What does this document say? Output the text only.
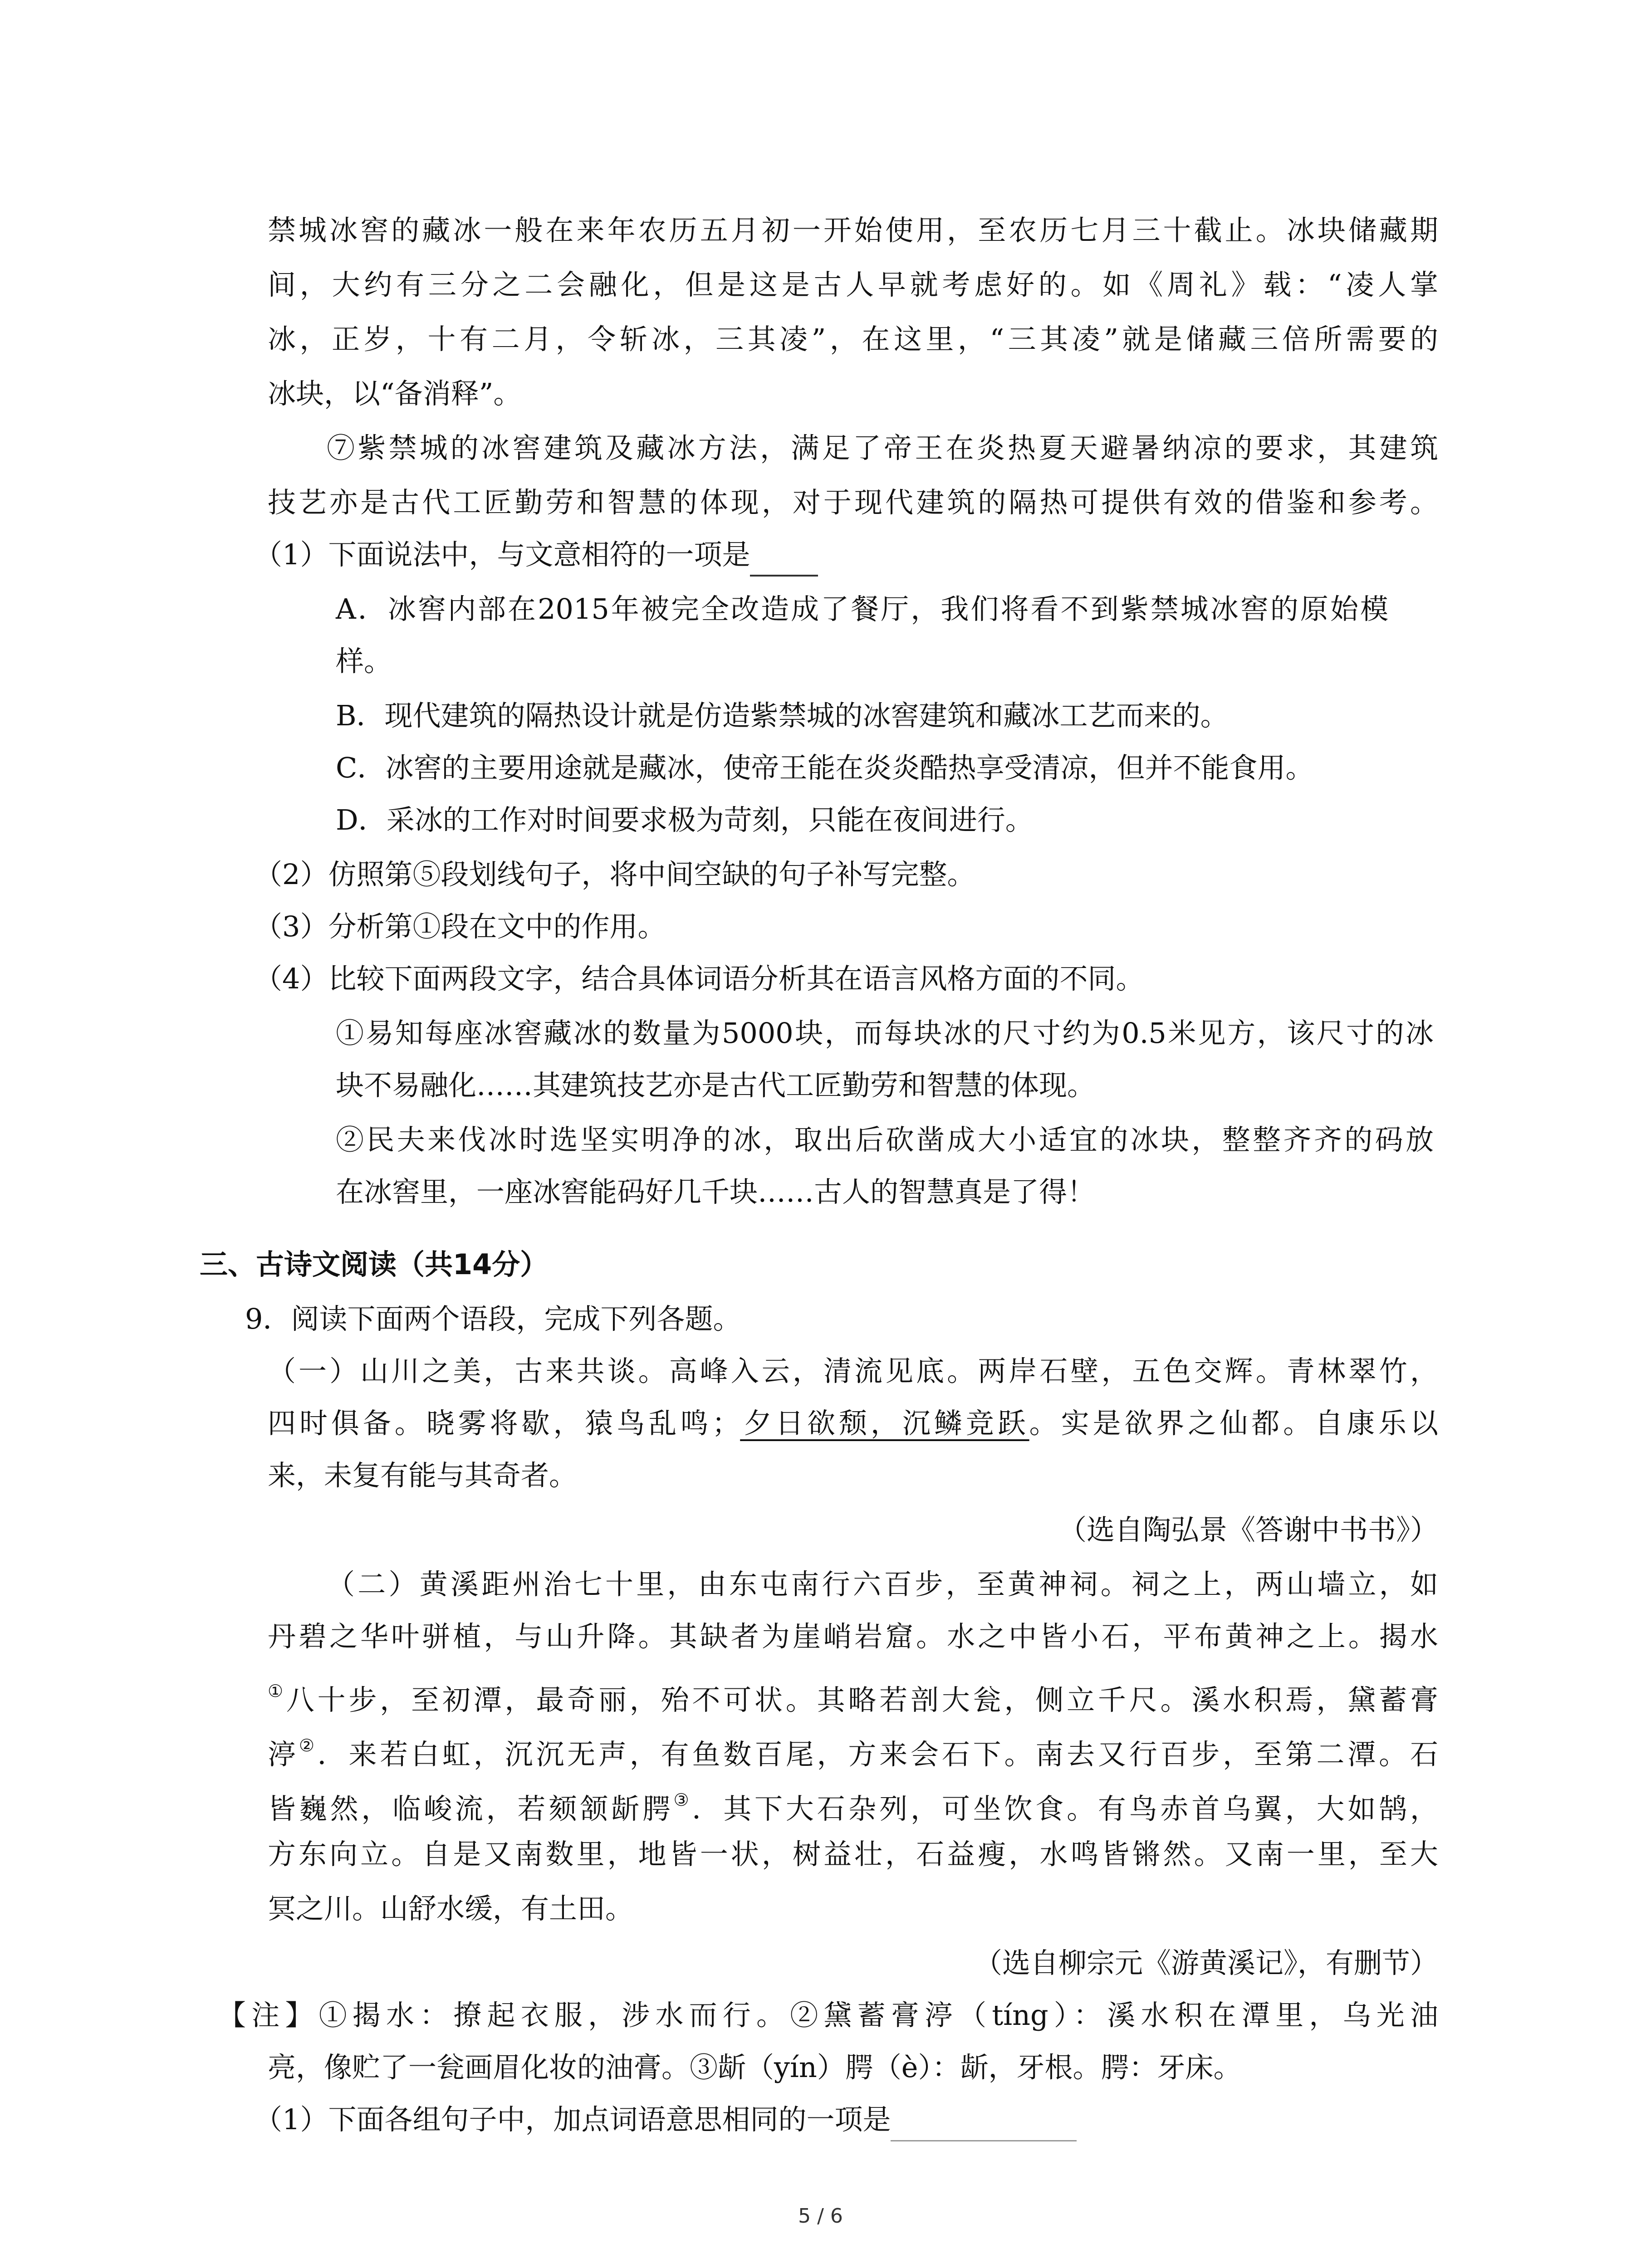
禁城冰窖的藏冰一般在来年农历五月初一开始使用，至农历七月三十截止。冰块储藏期
间，大约有三分之二会融化，但是这是古人早就考虑好的。如《周礼》载：“凌人掌
冰，正岁，十有二月，令斩冰，三其凌”，在这里，“三其凌”就是储藏三倍所需要的
冰块，以“备消释”。
⑦紫禁城的冰窖建筑及藏冰方法，满足了帝王在炎热夏天避暑纳凉的要求，其建筑
技艺亦是古代工匠勤劳和智慧的体现，对于现代建筑的隔热可提供有效的借鉴和参考。
（1）下面说法中，与文意相符的一项是
A．冰窖内部在2015年被完全改造成了餐厅，我们将看不到紫禁城冰窖的原始模
样。
B．现代建筑的隔热设计就是仿造紫禁城的冰窖建筑和藏冰工艺而来的。
C．冰窖的主要用途就是藏冰，使帝王能在炎炎酷热享受清凉，但并不能食用。
D．采冰的工作对时间要求极为苛刻，只能在夜间进行。
（2）仿照第⑤段划线句子，将中间空缺的句子补写完整。
（3）分析第①段在文中的作用。
（4）比较下面两段文字，结合具体词语分析其在语言风格方面的不同。
①易知每座冰窖藏冰的数量为5000块，而每块冰的尺寸约为0.5米见方，该尺寸的冰
块不易融化……其建筑技艺亦是古代工匠勤劳和智慧的体现。
②民夫来伐冰时选坚实明净的冰，取出后砍凿成大小适宜的冰块，整整齐齐的码放
在冰窖里，一座冰窖能码好几千块……古人的智慧真是了得！
三、古诗文阅读（共14分）
9．阅读下面两个语段，完成下列各题。
（一）山川之美，古来共谈。高峰入云，清流见底。两岸石壁，五色交辉。青林翠竹，
四时俱备。晓雾将歇，猿鸟乱鸣；夕日欲颓，沉鳞竞跃。实是欲界之仙都。自康乐以
来，未复有能与其奇者。
（选自陶弘景《答谢中书书》）
（二）黄溪距州治七十里，由东屯南行六百步，至黄神祠。祠之上，两山墙立，如
丹碧之华叶骈植，与山升降。其缺者为崖峭岩窟。水之中皆小石，平布黄神之上。揭水
①八十步，至初潭，最奇丽，殆不可状。其略若剖大瓮，侧立千尺。溪水积焉，黛蓄膏
渟②．来若白虹，沉沉无声，有鱼数百尾，方来会石下。南去又行百步，至第二潭。石
皆巍然，临峻流，若颏颔龂腭③．其下大石杂列，可坐饮食。有鸟赤首乌翼，大如鹄，
方东向立。自是又南数里，地皆一状，树益壮，石益瘦，水鸣皆锵然。又南一里，至大
冥之川。山舒水缓，有土田。
（选自柳宗元《游黄溪记》，有删节）
【注】①揭水：撩起衣服，涉水而行。②黛蓄膏渟（tíng）：溪水积在潭里，乌光油
亮，像贮了一瓮画眉化妆的油膏。③龂（yín）腭（è）：龂，牙根。腭：牙床。
（1）下面各组句子中，加点词语意思相同的一项是
5 / 6
